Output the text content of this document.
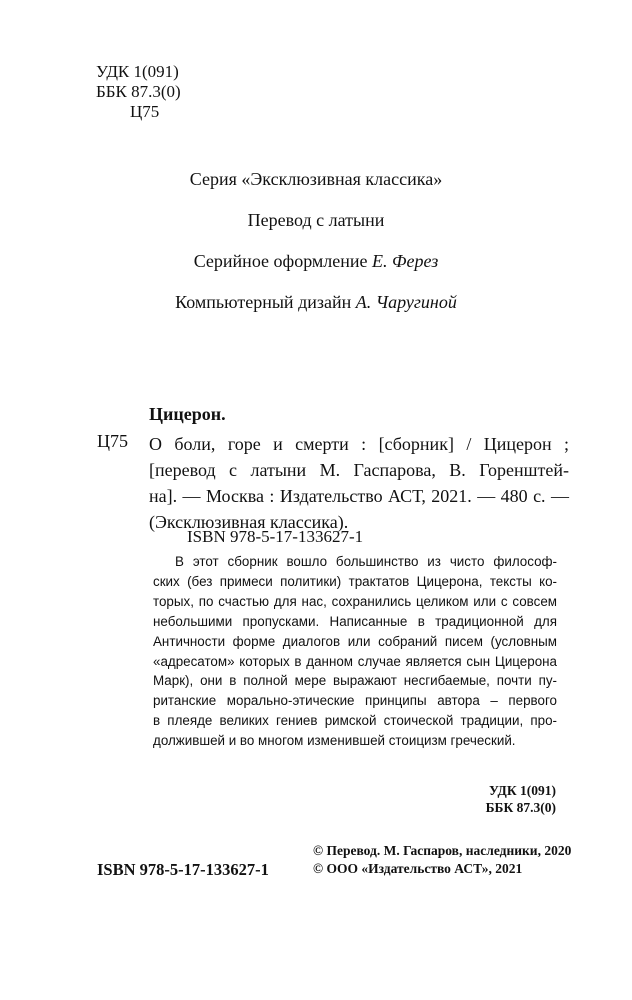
УДК 1(091)
ББК 87.3(0)
Ц75
Серия «Эксклюзивная классика»
Перевод с латыни
Серийное оформление Е. Ферез
Компьютерный дизайн А. Чаругиной
Цицерон.
Ц75 О боли, горе и смерти : [сборник] / Цицерон ;
[перевод с латыни М. Гаспарова, В. Горенштей-
на]. — Москва : Издательство АСТ, 2021. — 480 с. —
(Эксклюзивная классика).
ISBN 978-5-17-133627-1
В этот сборник вошло большинство из чисто философ-
ских (без примеси политики) трактатов Цицерона, тексты ко-
торых, по счастью для нас, сохранились целиком или с совсем
небольшими пропусками. Написанные в традиционной для
Античности форме диалогов или собраний писем (условным
«адресатом» которых в данном случае является сын Цицерона
Марк), они в полной мере выражают несгибаемые, почти пу-
ританские морально-этические принципы автора – первого
в плеяде великих гениев римской стоической традиции, про-
должившей и во многом изменившей стоицизм греческий.
УДК 1(091)
ББК 87.3(0)
ISBN 978-5-17-133627-1
© Перевод. М. Гаспаров, наследники, 2020
© ООО «Издательство АСТ», 2021
